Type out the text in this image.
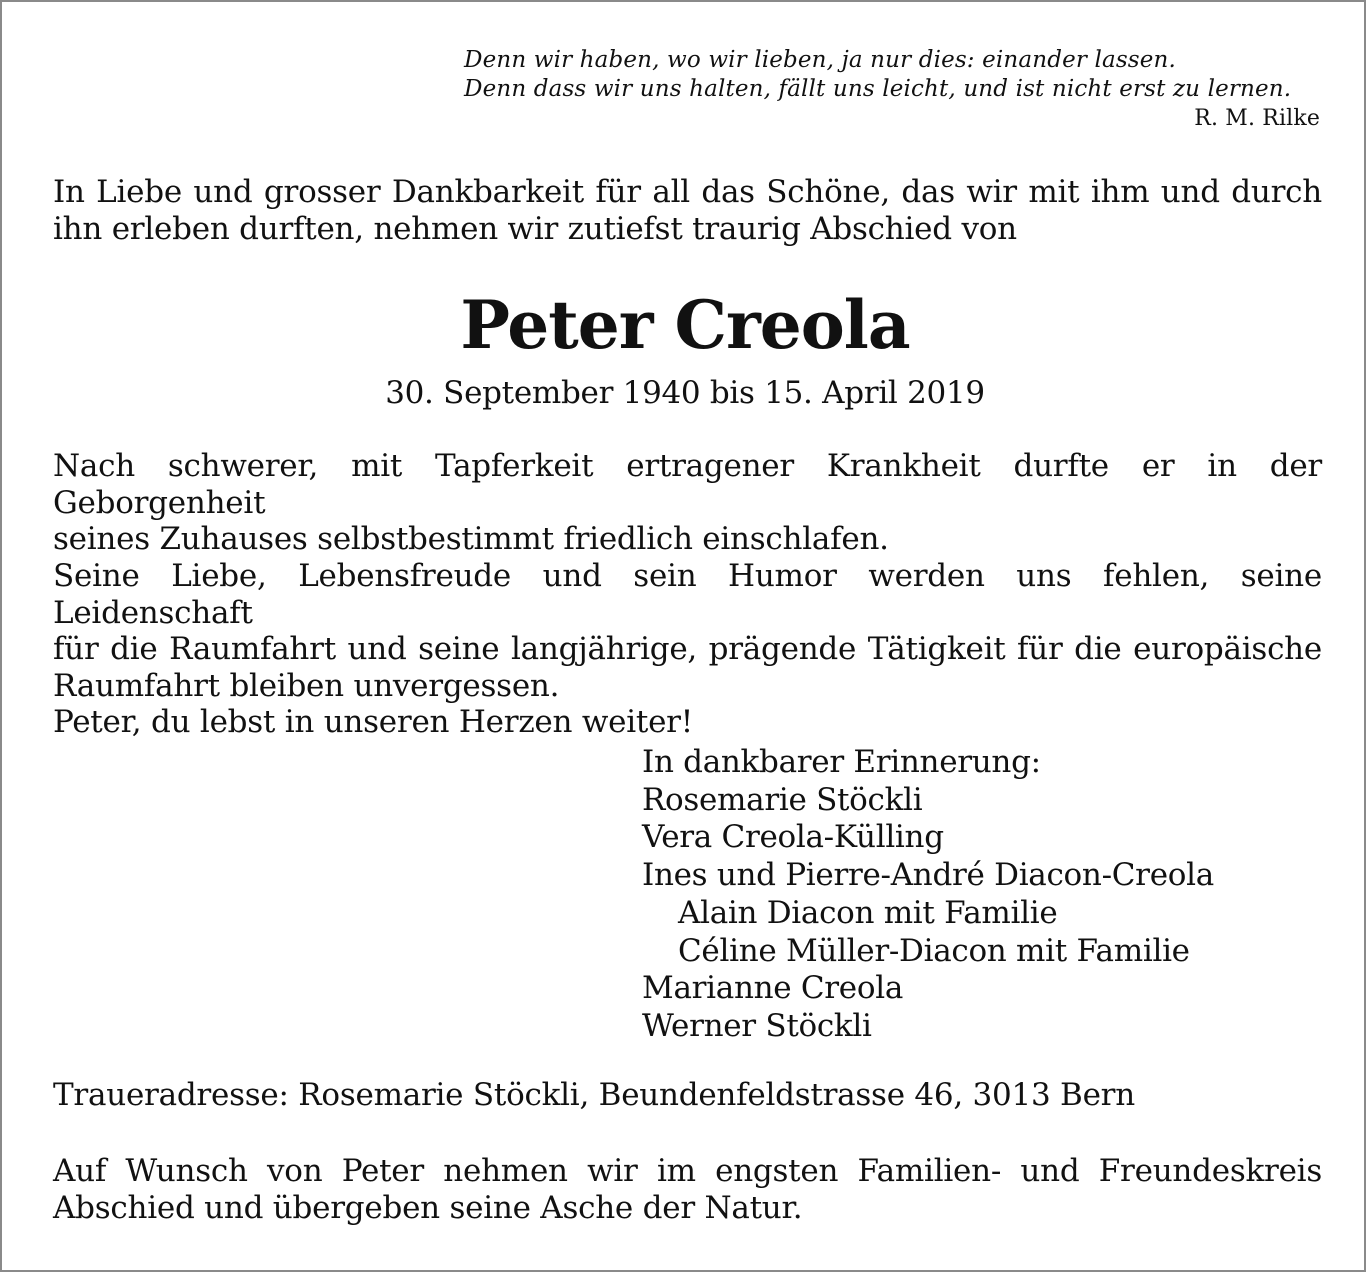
Denn wir haben, wo wir lieben, ja nur dies: einander lassen.
Denn dass wir uns halten, fällt uns leicht, und ist nicht erst zu lernen.
R. M. Rilke
In Liebe und grosser Dankbarkeit für all das Schöne, das wir mit ihm und durch
ihn erleben durften, nehmen wir zutiefst traurig Abschied von
Peter Creola
30. September 1940 bis 15. April 2019
Nach schwerer, mit Tapferkeit ertragener Krankheit durfte er in der Geborgenheit
seines Zuhauses selbstbestimmt friedlich einschlafen.
Seine Liebe, Lebensfreude und sein Humor werden uns fehlen, seine Leidenschaft
für die Raumfahrt und seine langjährige, prägende Tätigkeit für die europäische
Raumfahrt bleiben unvergessen.
Peter, du lebst in unseren Herzen weiter!
In dankbarer Erinnerung:
Rosemarie Stöckli
Vera Creola-Külling
Ines und Pierre-André Diacon-Creola
Alain Diacon mit Familie
Céline Müller-Diacon mit Familie
Marianne Creola
Werner Stöckli
Traueradresse: Rosemarie Stöckli, Beundenfeldstrasse 46, 3013 Bern
Auf Wunsch von Peter nehmen wir im engsten Familien- und Freundeskreis
Abschied und übergeben seine Asche der Natur.
